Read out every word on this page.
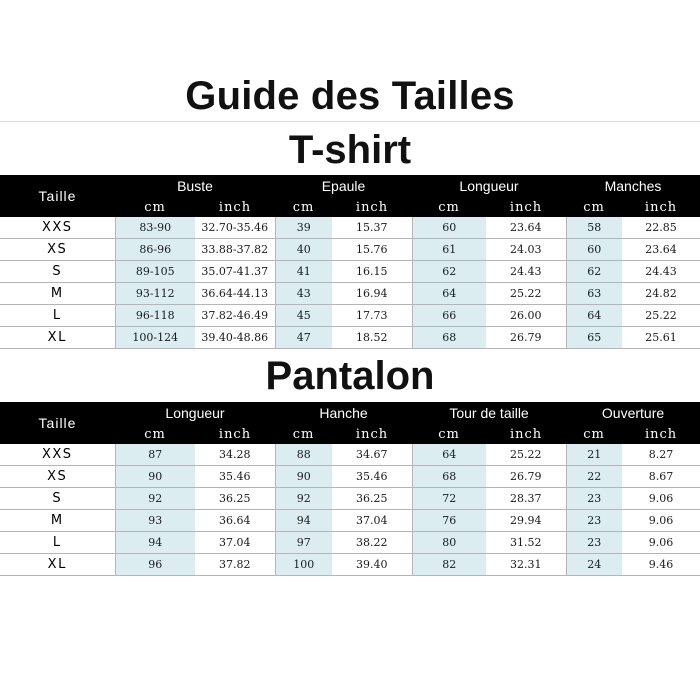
Guide des Tailles
T-shirt
Taille	Buste		Epaule		Longueur		Manches	
	cm	inch	cm	inch	cm	inch	cm	inch
XXS	83-90	32.70-35.46	39	15.37	60	23.64	58	22.85
XS	86-96	33.88-37.82	40	15.76	61	24.03	60	23.64
S	89-105	35.07-41.37	41	16.15	62	24.43	62	24.43
M	93-112	36.64-44.13	43	16.94	64	25.22	63	24.82
L	96-118	37.82-46.49	45	17.73	66	26.00	64	25.22
XL	100-124	39.40-48.86	47	18.52	68	26.79	65	25.61
Pantalon
Taille	Longueur		Hanche		Tour de taille		Ouverture	
	cm	inch	cm	inch	cm	inch	cm	inch
XXS	87	34.28	88	34.67	64	25.22	21	8.27
XS	90	35.46	90	35.46	68	26.79	22	8.67
S	92	36.25	92	36.25	72	28.37	23	9.06
M	93	36.64	94	37.04	76	29.94	23	9.06
L	94	37.04	97	38.22	80	31.52	23	9.06
XL	96	37.82	100	39.40	82	32.31	24	9.46
